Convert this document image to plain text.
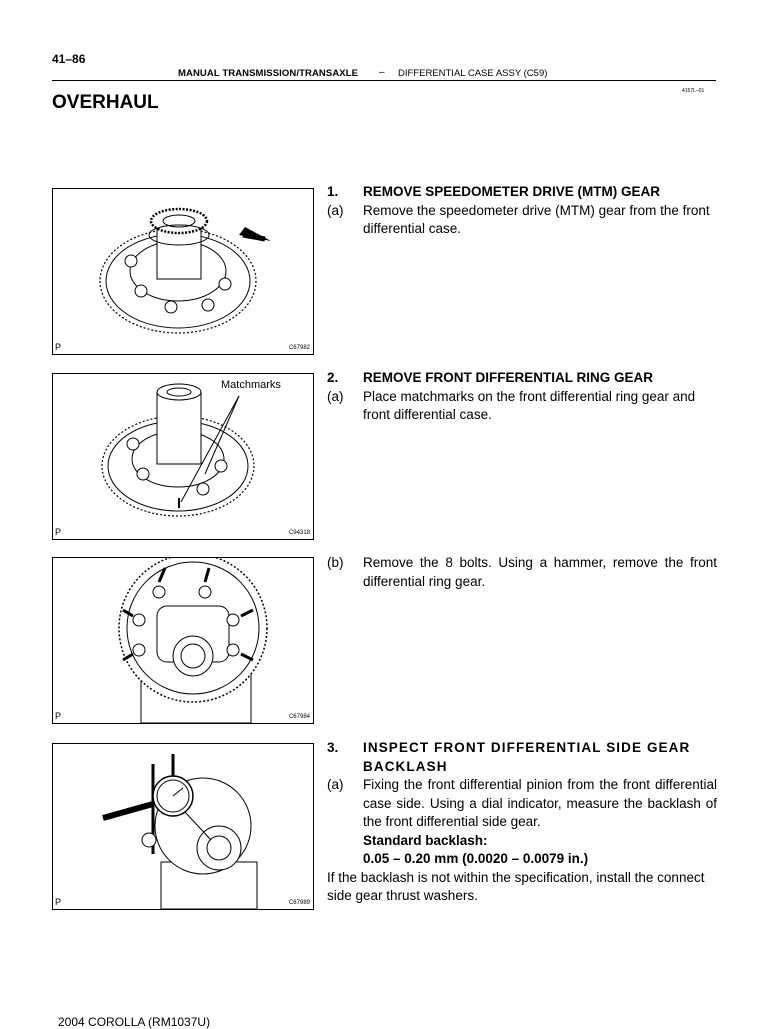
41–86
MANUAL TRANSMISSION/TRANSAXLE – DIFFERENTIAL CASE ASSY (C59)
4157L–01
OVERHAUL
P	C67982
Matchmarks
P	C94318
P	C67984
P	C67989
1.	REMOVE SPEEDOMETER DRIVE (MTM) GEAR
(a)	Remove the speedometer drive (MTM) gear from the front differential case.
2.	REMOVE FRONT DIFFERENTIAL RING GEAR
(a)	Place matchmarks on the front differential ring gear and front differential case.
(b)	Remove the 8 bolts. Using a hammer, remove the front differential ring gear.
3.	INSPECT FRONT DIFFERENTIAL SIDE GEAR BACKLASH
(a)	Fixing the front differential pinion from the front differential case side. Using a dial indicator, measure the backlash of the front differential side gear.
Standard backlash:
0.05 – 0.20 mm (0.0020 – 0.0079 in.)
If the backlash is not within the specification, install the connect side gear thrust washers.
2004 COROLLA (RM1037U)
